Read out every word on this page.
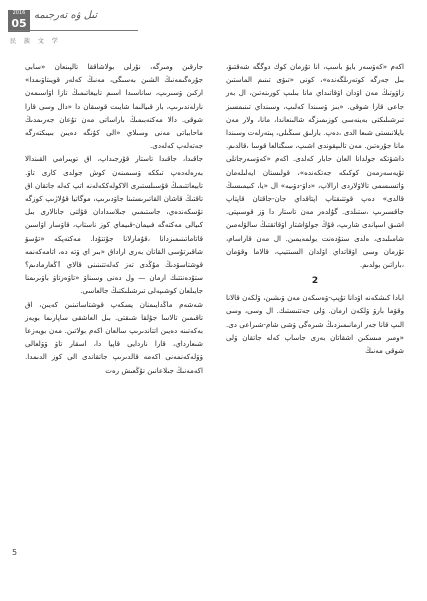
2016
05
تىل ۋە تەرجىمە
民 族 文 学

اكەم «كەۋسەر بايۋ باسپ، انا تۇرمان كوك دوگگە شەقتىۋ، بىل جەرگە كوتەرىلگەندە»، كونى «تىۋى تىنىم الماستىن زاۋوتىڭ مەن اۋدان اۋقاتىداي مانا بىلىپ كورىنەتىن، ال بەر جاعى قارا شوقى. «بىز ۋسىندا كەلىپ، وسىنداي تىنىمسىز تىرشىلىكتى بەينەسى كوزىمىزگە شالىنعاندا، مانا، ولار مەن بايلانىستى شىعا الدى ،دەپ. بارلىق سىڭىلى، پىتەرلەت وسىندا مانا جۇرەتىن. مەن تالىپقوندى اشىپ، سىگنالعا قوسا ،قالدىم. داشۋتكە جولدانا العان حابار كەلدى. اكەم «كەۋسەرجانلى تۇيەسەرمەن كوكىكە جەتكەندە»، قولىستان ايەلىلەمان ۋاتسىسمى تالاۋلاردى ارالاپ، «داۋ-دۋىيە» ال «يا، كىيمىسىڭ قالدى» دەپ قوتتىقتاپ اپتاقداي جان-جاقتان قاپتاپ جاقسىرىپ ،ستىلدى. گۇلدەر مەن تاستار دا ۋز قوسىپتى. اشىق اسپاندى شارىپ، قۇڭ جولۋاشتار اۋقاتقتىڭ سالۋلەمىن شامىلىدى، ەلدى ستۇدەنت بولمەيمىن. ال مەن قاراسام، تۇرمان وسى اۋقاتداي اۋلدان السىتتيپ، قالاما وقۋمان ،باراتىن بولدىم.

2

ابادا كىشكەنە اۋدانا تۇپپ-ۋەسكەن مەن ۋىشىن، ۋلكەن قالانا وقۋما بارۋ ۋلكەن ارمان. ۋلى جەتتىستىك. ال وسى، وسى الىپ قانا جەر ارمانىمىزدىڭ شىرەگى ۋشى شام-شىراعى دى. «ومىر مىسكىن اشقاتان بەرى جاساپ كەلە جاتقان ۋلى شوقى مەنىڭ

جارقىن ومىرگە، نۇرلى بولاشاققا تالپىنعان «سابى جۇرەگىمەنىڭ الشىن بەسىگى، مەنىڭ كەلەر قويىتاۋىمدا» اركىن ۋسىرىپ، ساناسىدا اسىم تابيغاتىمىڭ تازا اۋاسىمەن نارلەندىرىپ، بار قىيالىما شايىت قوسقان دا «دال وسى قارا شوقى. دالا مەكتەبىمىڭ باراساتى مەن تۇعان جەرىمدىڭ ماحابباتى مەنى وسىلاي «الى كۇنگە دەيىن بىيىكتەرگە جەتەلەپ كەلەدى.

جاقىدا، جاقىدا تاستار قۇرجىداپ، اق تويىرامي القىندالا بەرەلەدەپ تىككە ۋسىمىنەن كوش جولدى كارى تاۋ. تابيعاتتىمىڭ قۇسىلستىرى الاكولەككەلەنە اتپ كەلە جاتقان اق تاقتىڭ قاشان القاتىرىستىنا جاۋدىرىپ، موگاتيا قۇلاژىپ كوزگە تۇسكەندەي، جاستىمىي جىلاسدادان قۇلتى جانالارى بىل كىيالى مەكتەگە فىيمان-قىيماي كوز ناستاپ، قاۋسار اۋاسىن قاتاماتىنىمىزدانا ،قۇمارلانا جۇتتۇدا. مەكتەپكە «تۇسۋ شاقىرتۇسى القاتان بەرى اراداق «بىر اي ۋتە دە، اتامەكەنمە قوشتاسۋدىڭ مۇڭدى تەز كەلەتتىنىنى قالاي ٱڭعارمادىم؟ ستۇدەنتتىك ارمان — ول دەنى وسىناۋ «تاۋەرتاۋ باۋىرىمنا جايىلعان كوشىپەلى تىرشىلىكتىڭ جالعاسى.

شەشەم ماڭدايىمنان يسكەپ قوشتاساتىنىن كەيىن، اق تاقىمىن تالاسا جۇلقا شىقتى. بىل العاشقى ساپارىما بويەز بەكەتىنە دەيىن اتتاندىرىپ سالعان اكەم بولاتىن. مەن بويەزعا شىعارداي، قارا ناردايى قاپيا دا، اسقار تاۋ ۋۋلعالى ۋۋلەكەنمەنى اكەمە قالدىرىپ جاتقاندى الى كوز الدىمدا. اكەمەنىڭ جىلاعانىن تۇڭعىش رەت

5
